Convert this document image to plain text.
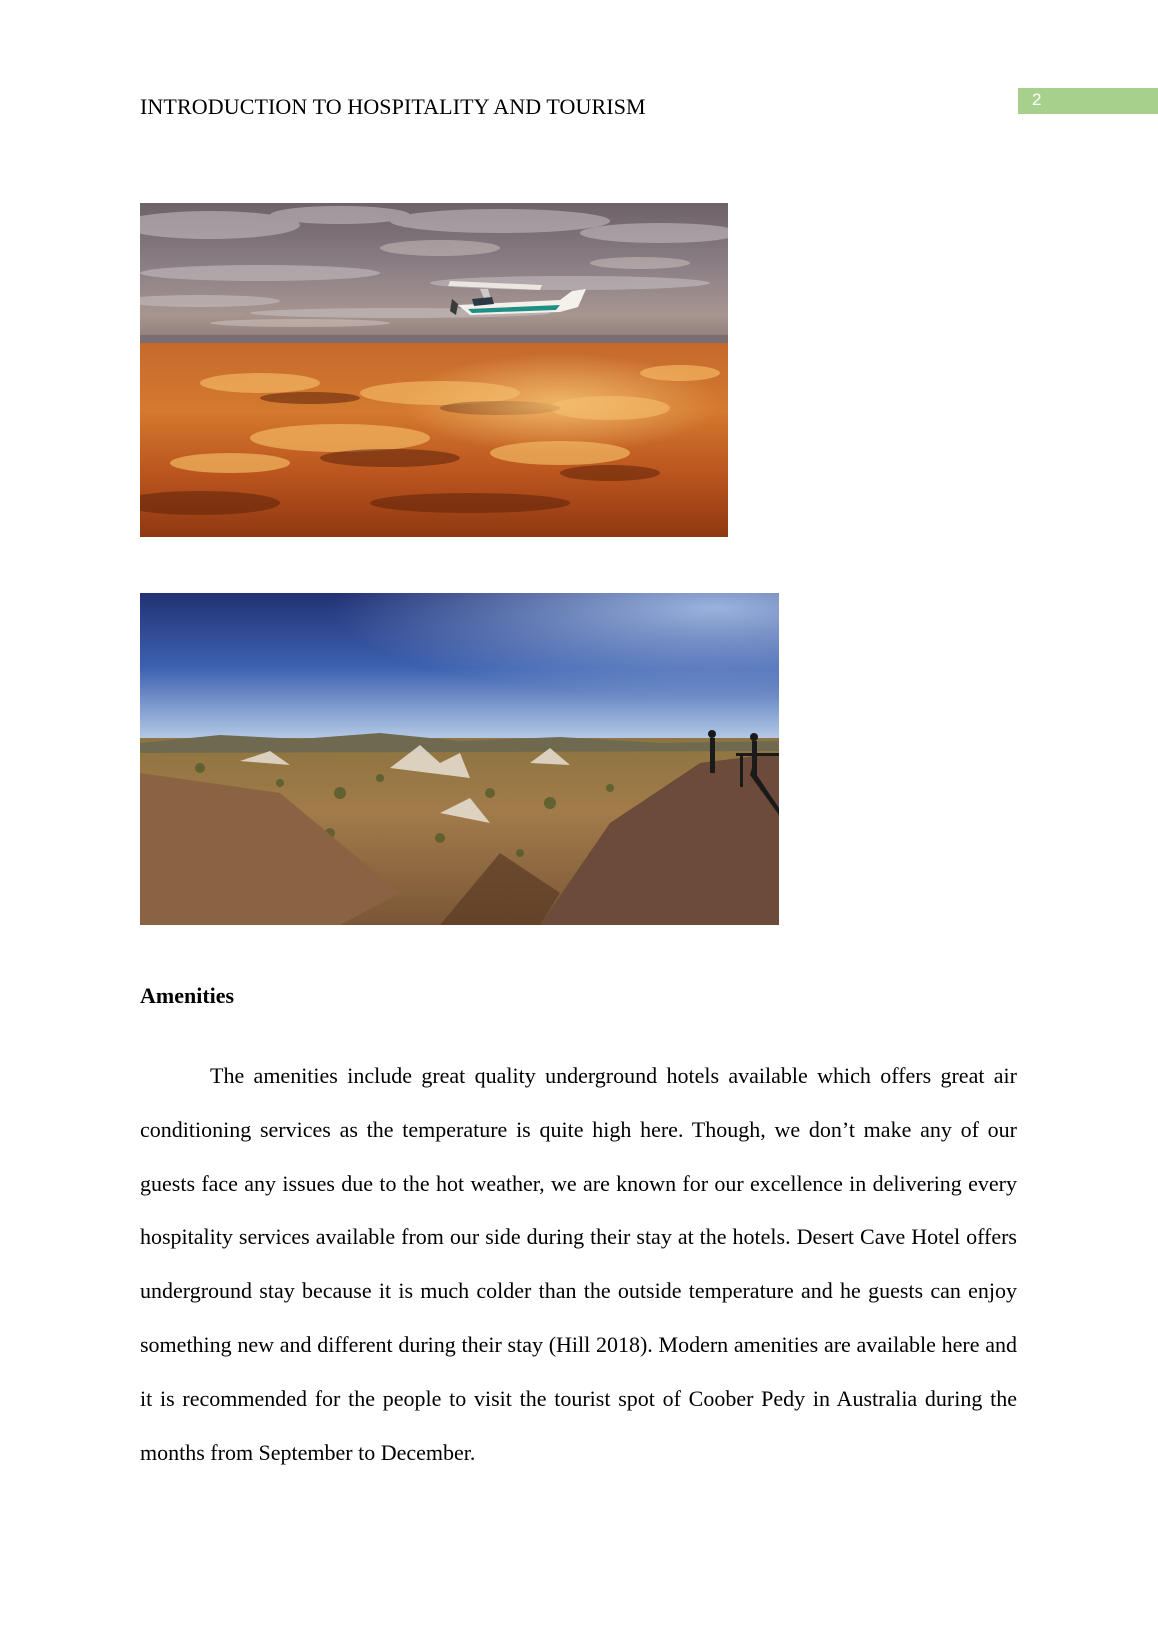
INTRODUCTION TO HOSPITALITY AND TOURISM	2
Amenities

The amenities include great quality underground hotels available which offers great air conditioning services as the temperature is quite high here. Though, we don’t make any of our guests face any issues due to the hot weather, we are known for our excellence in delivering every hospitality services available from our side during their stay at the hotels. Desert Cave Hotel offers underground stay because it is much colder than the outside temperature and he guests can enjoy something new and different during their stay (Hill 2018). Modern amenities are available here and it is recommended for the people to visit the tourist spot of Coober Pedy in Australia during the months from September to December.
